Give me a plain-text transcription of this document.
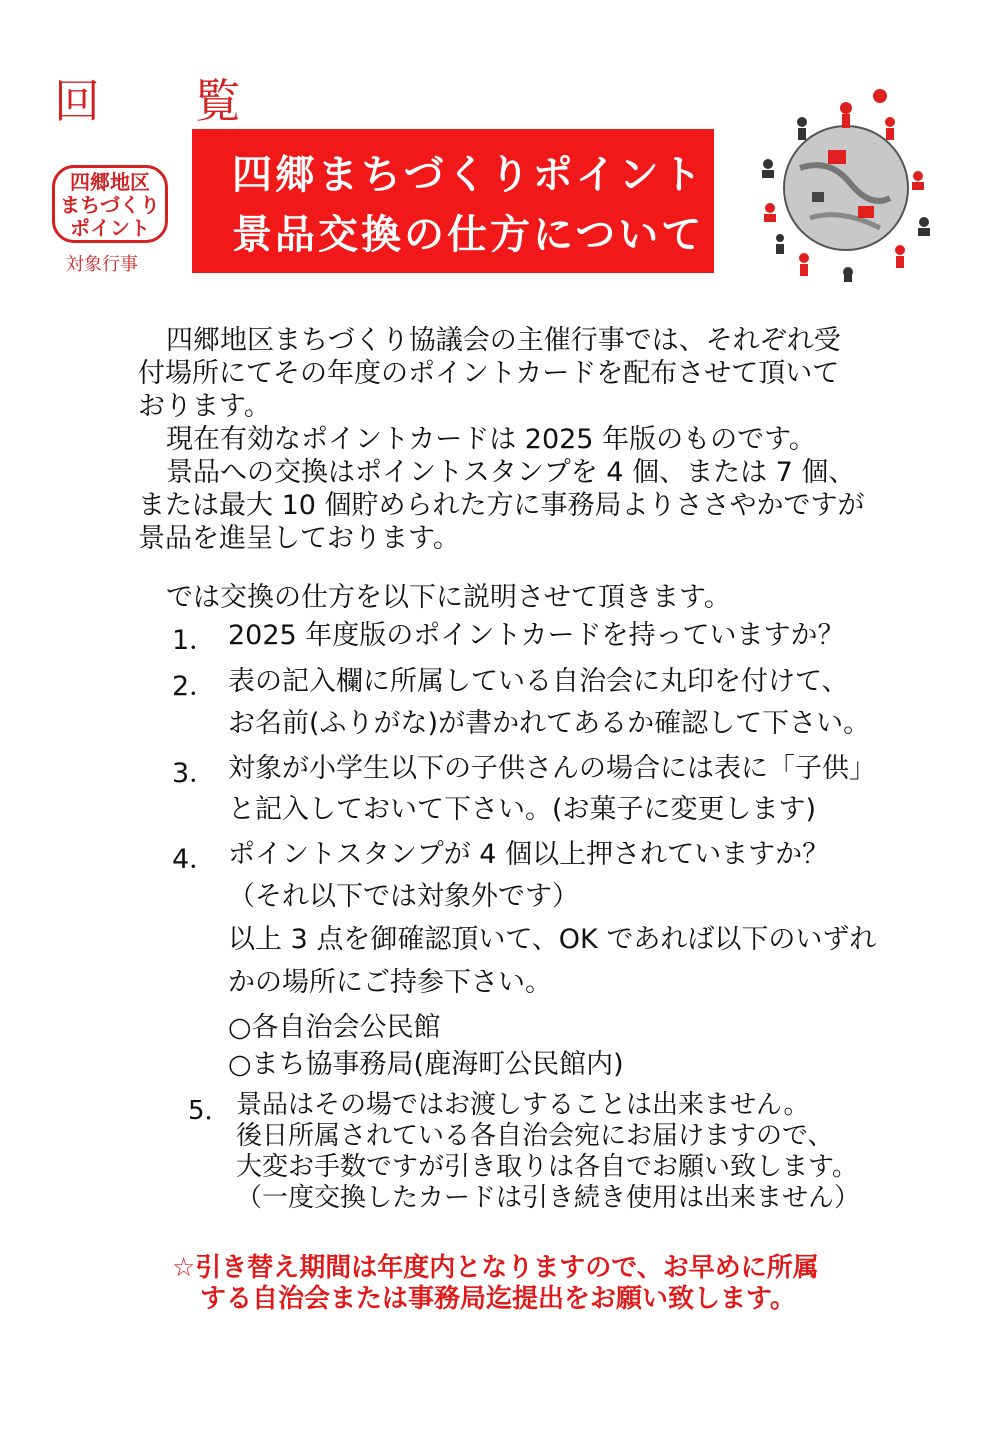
回 覧
四郷地区
まちづくり
ポイント
対象行事
四郷まちづくりポイント
景品交換の仕方について

四郷地区まちづくり協議会の主催行事では、それぞれ受

付場所にてその年度のポイントカードを配布させて頂いて

おります。

現在有効なポイントカードは 2025 年版のものです。

景品への交換はポイントスタンプを 4 個、または 7 個、

または最大 10 個貯められた方に事務局よりささやかですが

景品を進呈しております。

では交換の仕方を以下に説明させて頂きます。
1． 2025 年度版のポイントカードを持っていますか？
2． 表の記入欄に所属している自治会に丸印を付けて、
お名前(ふりがな)が書かれてあるか確認して下さい。
3． 対象が小学生以下の子供さんの場合には表に「子供」
と記入しておいて下さい。(お菓子に変更します)
4． ポイントスタンプが 4 個以上押されていますか？
（それ以下では対象外です）
以上 3 点を御確認頂いて、OK であれば以下のいずれ
かの場所にご持参下さい。
○各自治会公民館
○まち協事務局(鹿海町公民館内)
5． 景品はその場ではお渡しすることは出来ません。

後日所属されている各自治会宛にお届けますので、

大変お手数ですが引き取りは各自でお願い致します。

（一度交換したカードは引き続き使用は出来ません）

☆引き替え期間は年度内となりますので、お早めに所属

する自治会または事務局迄提出をお願い致します。
